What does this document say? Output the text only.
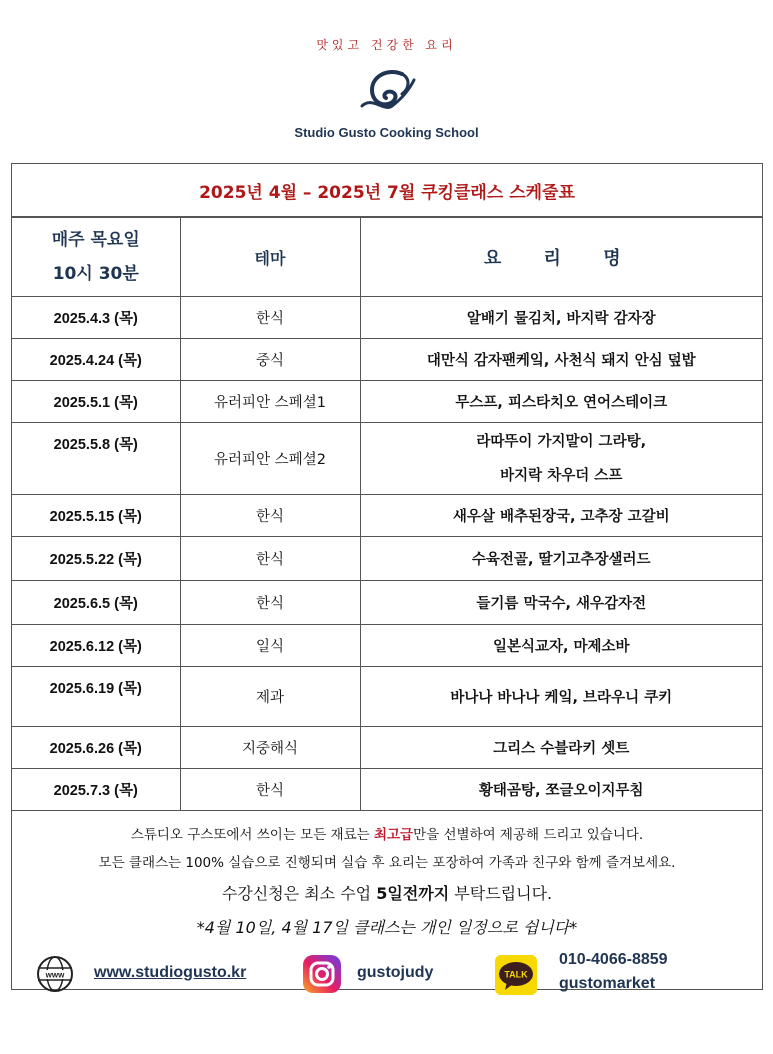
맛있고 건강한 요리
Studio Gusto Cooking School
2025년 4월 – 2025년 7월 쿠킹클래스 스케줄표
매주 목요일
10시 30분	테마	요 리 명
2025.4.3 (목)	한식	알배기 물김치, 바지락 감자장
2025.4.24 (목)	중식	대만식 감자팬케잌, 사천식 돼지 안심 덮밥
2025.5.1 (목)	유러피안 스페셜1	무스프, 피스타치오 연어스테이크
2025.5.8 (목)	유러피안 스페셜2	라따뚜이 가지말이 그라탕,
바지락 차우더 스프

2025.5.15 (목)	한식	새우살 배추된장국, 고추장 고갈비
2025.5.22 (목)	한식	수육전골, 딸기고추장샐러드
2025.6.5 (목)	한식	들기름 막국수, 새우감자전
2025.6.12 (목)	일식	일본식교자, 마제소바
2025.6.19 (목)	제과	바나나 바나나 케잌, 브라우니 쿠키
2025.6.26 (목)	지중해식	그리스 수블라키 셋트
2025.7.3 (목)	한식	황태곰탕, 쪼글오이지무침
스튜디오 구스또에서 쓰이는 모든 재료는 최고급만을 선별하여 제공해 드리고 있습니다.
모든 클래스는 100% 실습으로 진행되며 실습 후 요리는 포장하여 가족과 친구와 함께 즐겨보세요.
수강신청은 최소 수업 5일전까지 부탁드립니다.
*4월 10일, 4월 17일 클래스는 개인 일정으로 쉽니다*
www www.studiogusto.kr	gustojudy	TALK
010-4066-8859
gustomarket
